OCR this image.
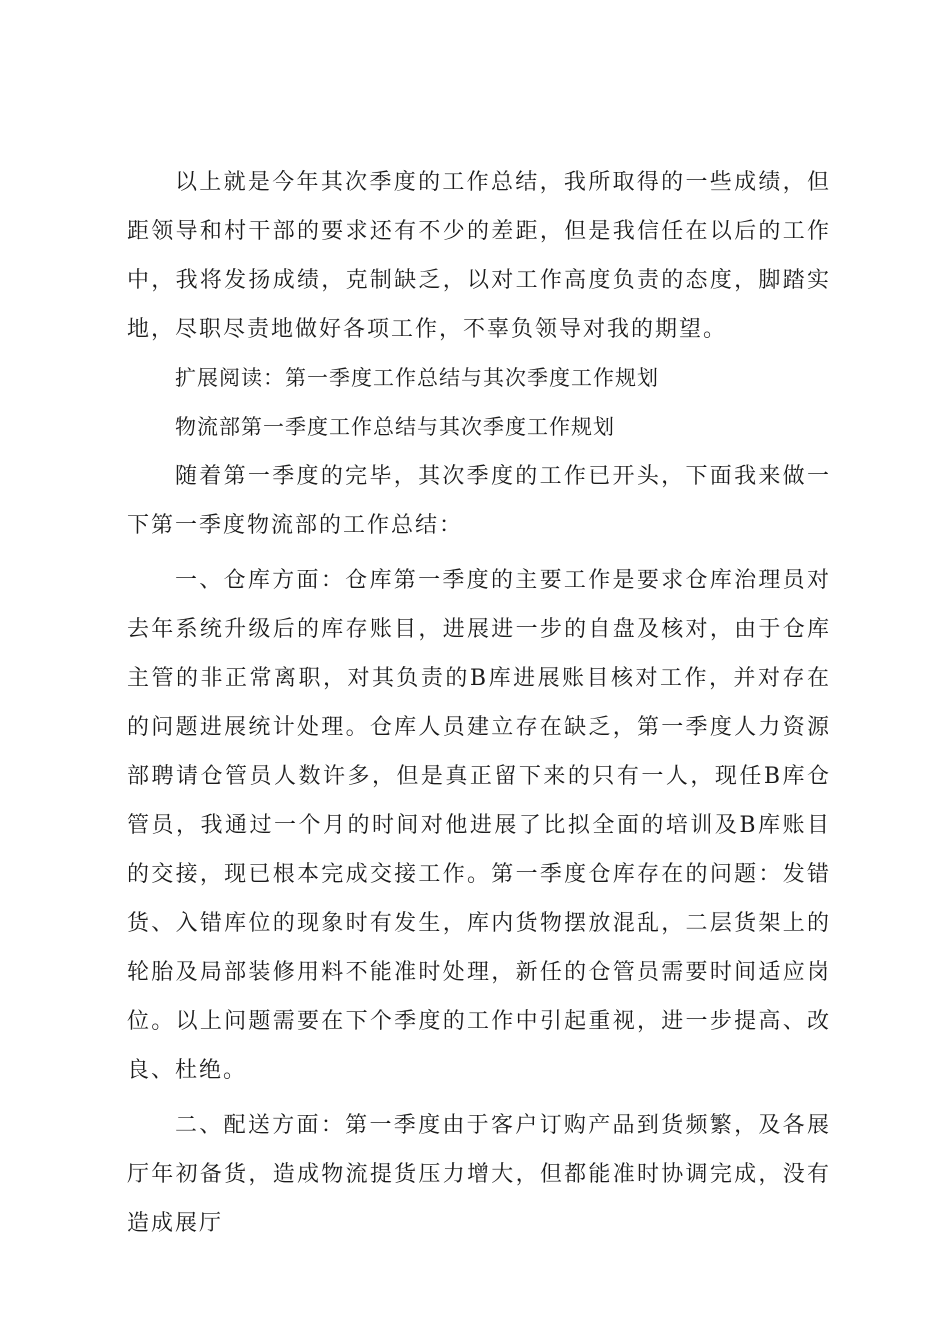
以上就是今年其次季度的工作总结，我所取得的一些成绩，但距领导和村干部的要求还有不少的差距，但是我信任在以后的工作中，我将发扬成绩，克制缺乏，以对工作高度负责的态度，脚踏实地，尽职尽责地做好各项工作，不辜负领导对我的期望。

扩展阅读：第一季度工作总结与其次季度工作规划

物流部第一季度工作总结与其次季度工作规划

随着第一季度的完毕，其次季度的工作已开头，下面我来做一下第一季度物流部的工作总结：

一、仓库方面：仓库第一季度的主要工作是要求仓库治理员对去年系统升级后的库存账目，进展进一步的自盘及核对，由于仓库主管的非正常离职，对其负责的B库进展账目核对工作，并对存在的问题进展统计处理。仓库人员建立存在缺乏，第一季度人力资源部聘请仓管员人数许多，但是真正留下来的只有一人，现任B库仓管员，我通过一个月的时间对他进展了比拟全面的培训及B库账目的交接，现已根本完成交接工作。第一季度仓库存在的问题：发错货、入错库位的现象时有发生，库内货物摆放混乱，二层货架上的轮胎及局部装修用料不能准时处理，新任的仓管员需要时间适应岗位。以上问题需要在下个季度的工作中引起重视，进一步提高、改良、杜绝。

二、配送方面：第一季度由于客户订购产品到货频繁，及各展厅年初备货，造成物流提货压力增大，但都能准时协调完成，没有造成展厅
